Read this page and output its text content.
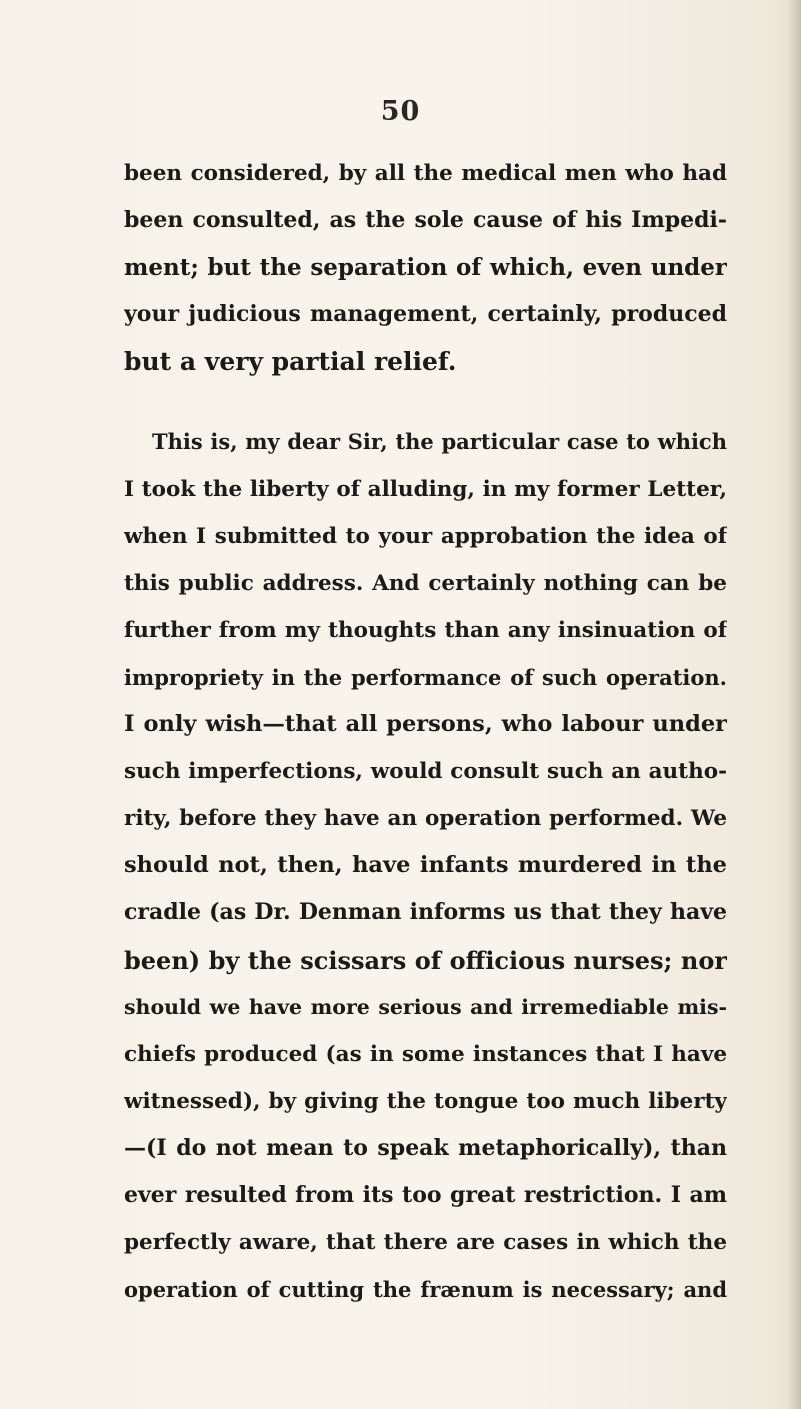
50
been considered, by all the medical men who had
been consulted, as the sole cause of his Impedi-
ment; but the separation of which, even under
your judicious management, certainly, produced
but a very partial relief.
This is, my dear Sir, the particular case to which
I took the liberty of alluding, in my former Letter,
when I submitted to your approbation the idea of
this public address. And certainly nothing can be
further from my thoughts than any insinuation of
impropriety in the performance of such operation.
I only wish—that all persons, who labour under
such imperfections, would consult such an autho-
rity, before they have an operation performed. We
should not, then, have infants murdered in the
cradle (as Dr. Denman informs us that they have
been) by the scissars of officious nurses; nor
should we have more serious and irremediable mis-
chiefs produced (as in some instances that I have
witnessed), by giving the tongue too much liberty
—(I do not mean to speak metaphorically), than
ever resulted from its too great restriction. I am
perfectly aware, that there are cases in which the
operation of cutting the frænum is necessary; and
